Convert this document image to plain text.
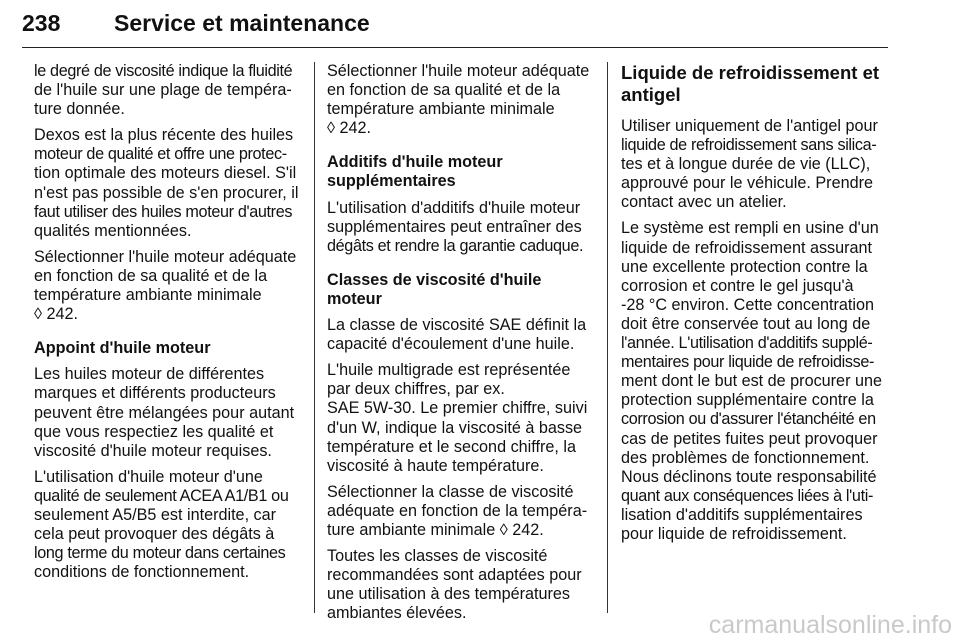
238 Service et maintenance

le degré de viscosité indique la fluidité
de l'huile sur une plage de tempéra-
ture donnée.

Dexos est la plus récente des huiles
moteur de qualité et offre une protec-
tion optimale des moteurs diesel. S'il
n'est pas possible de s'en procurer, il
faut utiliser des huiles moteur d'autres
qualités mentionnées.

Sélectionner l'huile moteur adéquate
en fonction de sa qualité et de la
température ambiante minimale
◊ 242.

Appoint d'huile moteur

Les huiles moteur de différentes
marques et différents producteurs
peuvent être mélangées pour autant
que vous respectiez les qualité et
viscosité d'huile moteur requises.

L'utilisation d'huile moteur d'une
qualité de seulement ACEA A1/B1 ou
seulement A5/B5 est interdite, car
cela peut provoquer des dégâts à
long terme du moteur dans certaines
conditions de fonctionnement.

Sélectionner l'huile moteur adéquate
en fonction de sa qualité et de la
température ambiante minimale
◊ 242.

Additifs d'huile moteur
supplémentaires

L'utilisation d'additifs d'huile moteur
supplémentaires peut entraîner des
dégâts et rendre la garantie caduque.

Classes de viscosité d'huile moteur

La classe de viscosité SAE définit la
capacité d'écoulement d'une huile.

L'huile multigrade est représentée
par deux chiffres, par ex.
SAE 5W-30. Le premier chiffre, suivi
d'un W, indique la viscosité à basse
température et le second chiffre, la
viscosité à haute température.

Sélectionner la classe de viscosité
adéquate en fonction de la tempéra-
ture ambiante minimale ◊ 242.

Toutes les classes de viscosité
recommandées sont adaptées pour
une utilisation à des températures
ambiantes élevées.

Liquide de refroidissement et
antigel

Utiliser uniquement de l'antigel pour
liquide de refroidissement sans silica-
tes et à longue durée de vie (LLC),
approuvé pour le véhicule. Prendre
contact avec un atelier.

Le système est rempli en usine d'un
liquide de refroidissement assurant
une excellente protection contre la
corrosion et contre le gel jusqu'à
-28 °C environ. Cette concentration
doit être conservée tout au long de
l'année. L'utilisation d'additifs supplé-
mentaires pour liquide de refroidisse-
ment dont le but est de procurer une
protection supplémentaire contre la
corrosion ou d'assurer l'étanchéité en
cas de petites fuites peut provoquer
des problèmes de fonctionnement.
Nous déclinons toute responsabilité
quant aux conséquences liées à l'uti-
lisation d'additifs supplémentaires
pour liquide de refroidissement.

carmanualsonline.info
